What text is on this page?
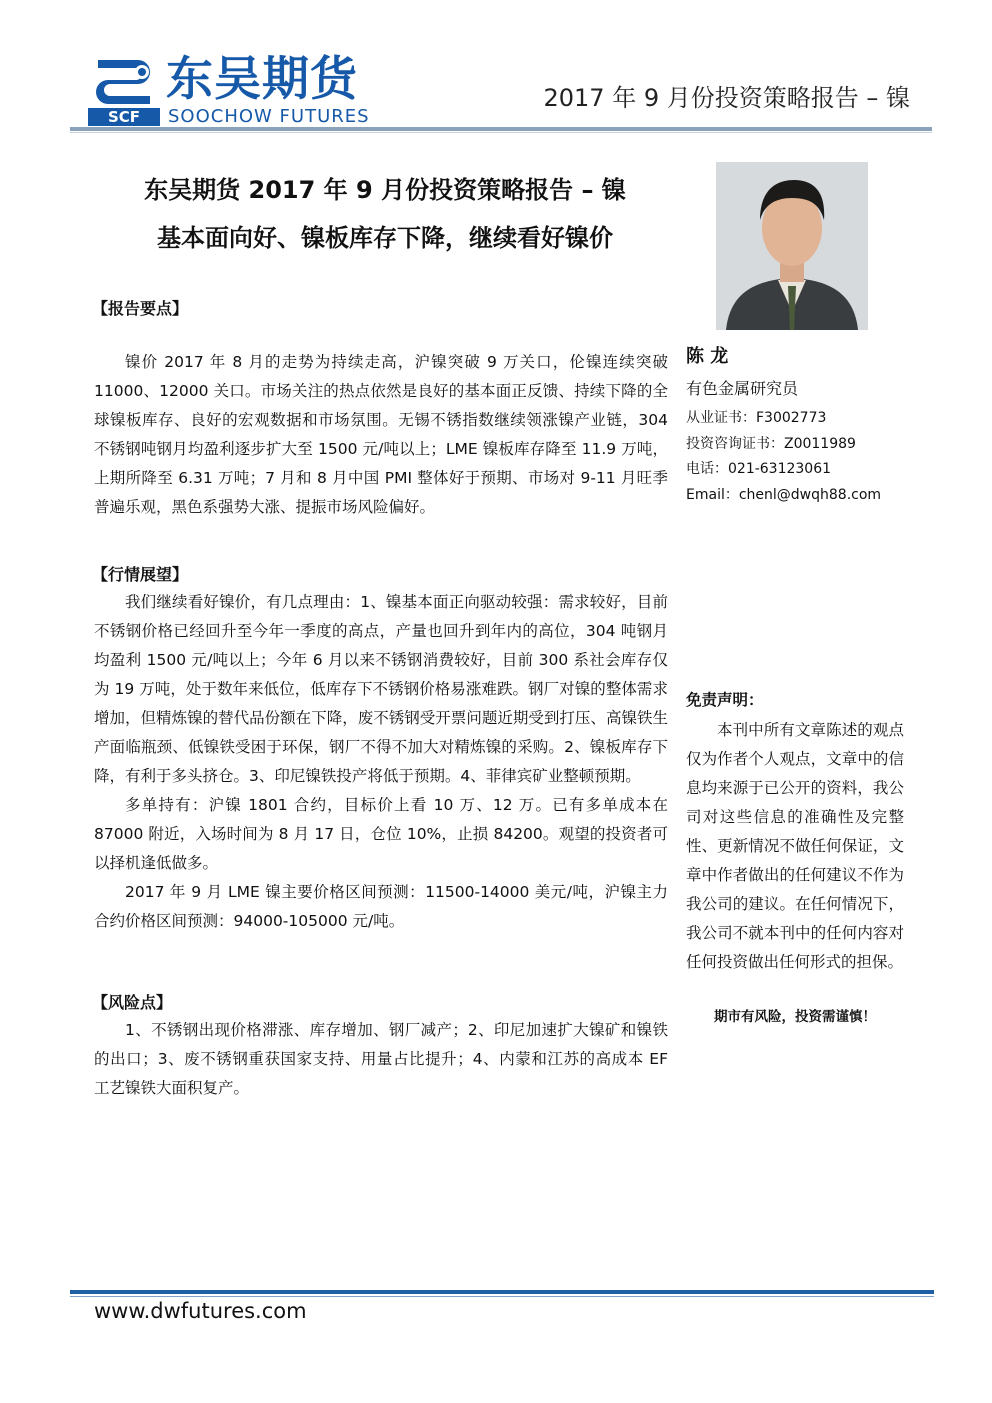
SCF
东吴期货
SOOCHOW FUTURES
2017 年 9 月份投资策略报告 – 镍
东吴期货 2017 年 9 月份投资策略报告 – 镍
基本面向好、镍板库存下降，继续看好镍价
【报告要点】

镍价 2017 年 8 月的走势为持续走高，沪镍突破 9 万关口，伦镍连续突破 11000、12000 关口。市场关注的热点依然是良好的基本面正反馈、持续下降的全球镍板库存、良好的宏观数据和市场氛围。无锡不锈指数继续领涨镍产业链，304 不锈钢吨钢月均盈利逐步扩大至 1500 元/吨以上；LME 镍板库存降至 11.9 万吨，上期所降至 6.31 万吨；7 月和 8 月中国 PMI 整体好于预期、市场对 9-11 月旺季普遍乐观，黑色系强势大涨、提振市场风险偏好。

【行情展望】

我们继续看好镍价，有几点理由：1、镍基本面正向驱动较强：需求较好，目前不锈钢价格已经回升至今年一季度的高点，产量也回升到年内的高位，304 吨钢月均盈利 1500 元/吨以上；今年 6 月以来不锈钢消费较好，目前 300 系社会库存仅为 19 万吨，处于数年来低位，低库存下不锈钢价格易涨难跌。钢厂对镍的整体需求增加，但精炼镍的替代品份额在下降，废不锈钢受开票问题近期受到打压、高镍铁生产面临瓶颈、低镍铁受困于环保，钢厂不得不加大对精炼镍的采购。2、镍板库存下降，有利于多头挤仓。3、印尼镍铁投产将低于预期。4、菲律宾矿业整顿预期。

多单持有：沪镍 1801 合约，目标价上看 10 万、12 万。已有多单成本在 87000 附近，入场时间为 8 月 17 日，仓位 10%，止损 84200。观望的投资者可以择机逢低做多。

2017 年 9 月 LME 镍主要价格区间预测：11500-14000 美元/吨，沪镍主力合约价格区间预测：94000-105000 元/吨。

【风险点】

1、不锈钢出现价格滞涨、库存增加、钢厂减产；2、印尼加速扩大镍矿和镍铁的出口；3、废不锈钢重获国家支持、用量占比提升；4、内蒙和江苏的高成本 EF 工艺镍铁大面积复产。

陈 龙
有色金属研究员
从业证书：F3002773
投资咨询证书：Z0011989
电话：021-63123061
Email：chenl@dwqh88.com
免责声明：

本刊中所有文章陈述的观点仅为作者个人观点，文章中的信息均来源于已公开的资料，我公司对这些信息的准确性及完整性、更新情况不做任何保证，文章中作者做出的任何建议不作为我公司的建议。在任何情况下，我公司不就本刊中的任何内容对任何投资做出任何形式的担保。

期市有风险，投资需谨慎！
www.dwfutures.com
